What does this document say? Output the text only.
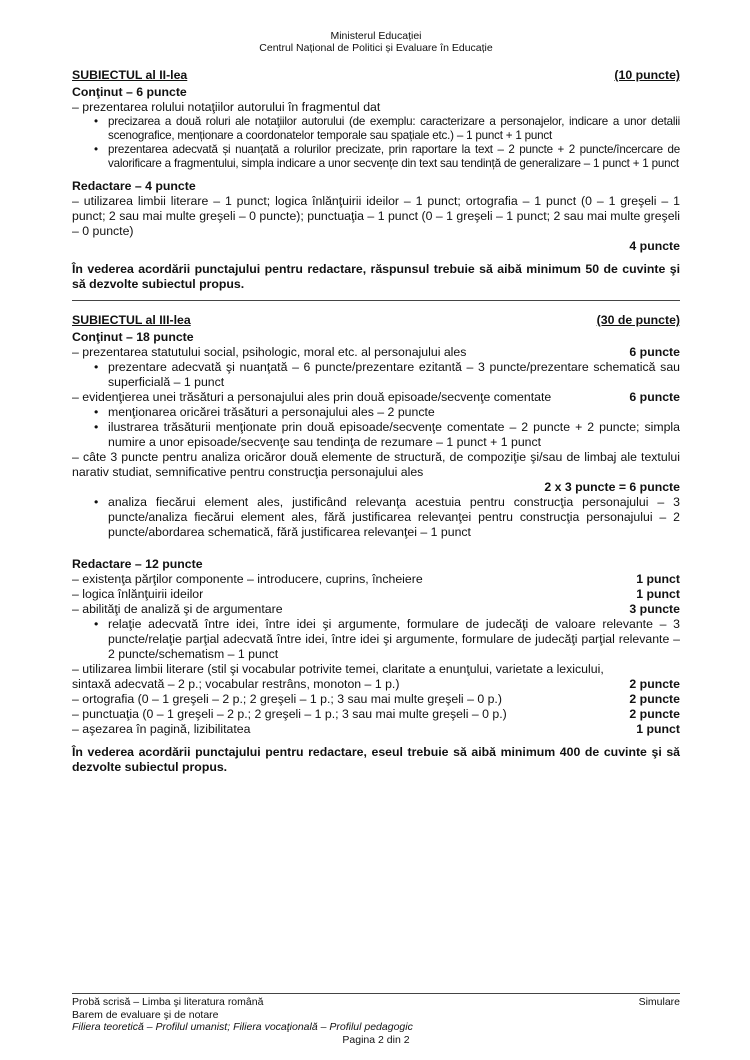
Ministerul Educației
Centrul Național de Politici și Evaluare în Educație
SUBIECTUL al II-lea	(10 puncte)
Conţinut – 6 puncte

– prezentarea rolului notaţiilor autorului în fragmentul dat

• precizarea a două roluri ale notaţiilor autorului (de exemplu: caracterizare a personajelor, indicare a unor detalii scenografice, menționare a coordonatelor temporale sau spațiale etc.) – 1 punct + 1 punct
• prezentarea adecvată și nuanțată a rolurilor precizate, prin raportare la text – 2 puncte + 2 puncte/încercare de valorificare a fragmentului, simpla indicare a unor secvențe din text sau tendință de generalizare – 1 punct + 1 punct
Redactare – 4 puncte

– utilizarea limbii literare – 1 punct; logica înlănţuirii ideilor – 1 punct; ortografia – 1 punct (0 – 1 greşeli – 1 punct; 2 sau mai multe greşeli – 0 puncte); punctuaţia – 1 punct (0 – 1 greşeli – 1 punct; 2 sau mai multe greşeli – 0 puncte)

4 puncte

În vederea acordării punctajului pentru redactare, răspunsul trebuie să aibă minimum 50 de cuvinte şi să dezvolte subiectul propus.

SUBIECTUL al III-lea	(30 de puncte)
Conţinut – 18 puncte
– prezentarea statutului social, psihologic, moral etc. al personajului ales	6 puncte
• prezentare adecvată şi nuanţată – 6 puncte/prezentare ezitantă – 3 puncte/prezentare schematică sau superficială – 1 punct
– evidenţierea unei trăsături a personajului ales prin două episoade/secvenţe comentate	6 puncte
• menţionarea oricărei trăsături a personajului ales – 2 puncte
• ilustrarea trăsăturii menţionate prin două episoade/secvenţe comentate – 2 puncte + 2 puncte; simpla numire a unor episoade/secvenţe sau tendinţa de rezumare – 1 punct + 1 punct

– câte 3 puncte pentru analiza oricăror două elemente de structură, de compoziţie şi/sau de limbaj ale textului narativ studiat, semnificative pentru construcţia personajului ales

2 x 3 puncte = 6 puncte
• analiza fiecărui element ales, justificând relevanţa acestuia pentru construcţia personajului – 3 puncte/analiza fiecărui element ales, fără justificarea relevanţei pentru construcţia personajului – 2 puncte/abordarea schematică, fără justificarea relevanţei – 1 punct
Redactare – 12 puncte
– existenţa părţilor componente – introducere, cuprins, încheiere	1 punct
– logica înlănţuirii ideilor	1 punct
– abilităţi de analiză şi de argumentare	3 puncte
• relaţie adecvată între idei, între idei şi argumente, formulare de judecăţi de valoare relevante – 3 puncte/relaţie parţial adecvată între idei, între idei şi argumente, formulare de judecăţi parţial relevante – 2 puncte/schematism – 1 punct

– utilizarea limbii literare (stil şi vocabular potrivite temei, claritate a enunţului, varietate a lexicului,

sintaxă adecvată – 2 p.; vocabular restrâns, monoton – 1 p.)	2 puncte
– ortografia (0 – 1 greşeli – 2 p.; 2 greşeli – 1 p.; 3 sau mai multe greşeli – 0 p.)	2 puncte
– punctuaţia (0 – 1 greşeli – 2 p.; 2 greşeli – 1 p.; 3 sau mai multe greşeli – 0 p.)	2 puncte
– aşezarea în pagină, lizibilitatea	1 punct

În vederea acordării punctajului pentru redactare, eseul trebuie să aibă minimum 400 de cuvinte şi să dezvolte subiectul propus.

Probă scrisă – Limba şi literatura română	Simulare
Barem de evaluare şi de notare
Filiera teoretică – Profilul umanist; Filiera vocaţională – Profilul pedagogic
Pagina 2 din 2
